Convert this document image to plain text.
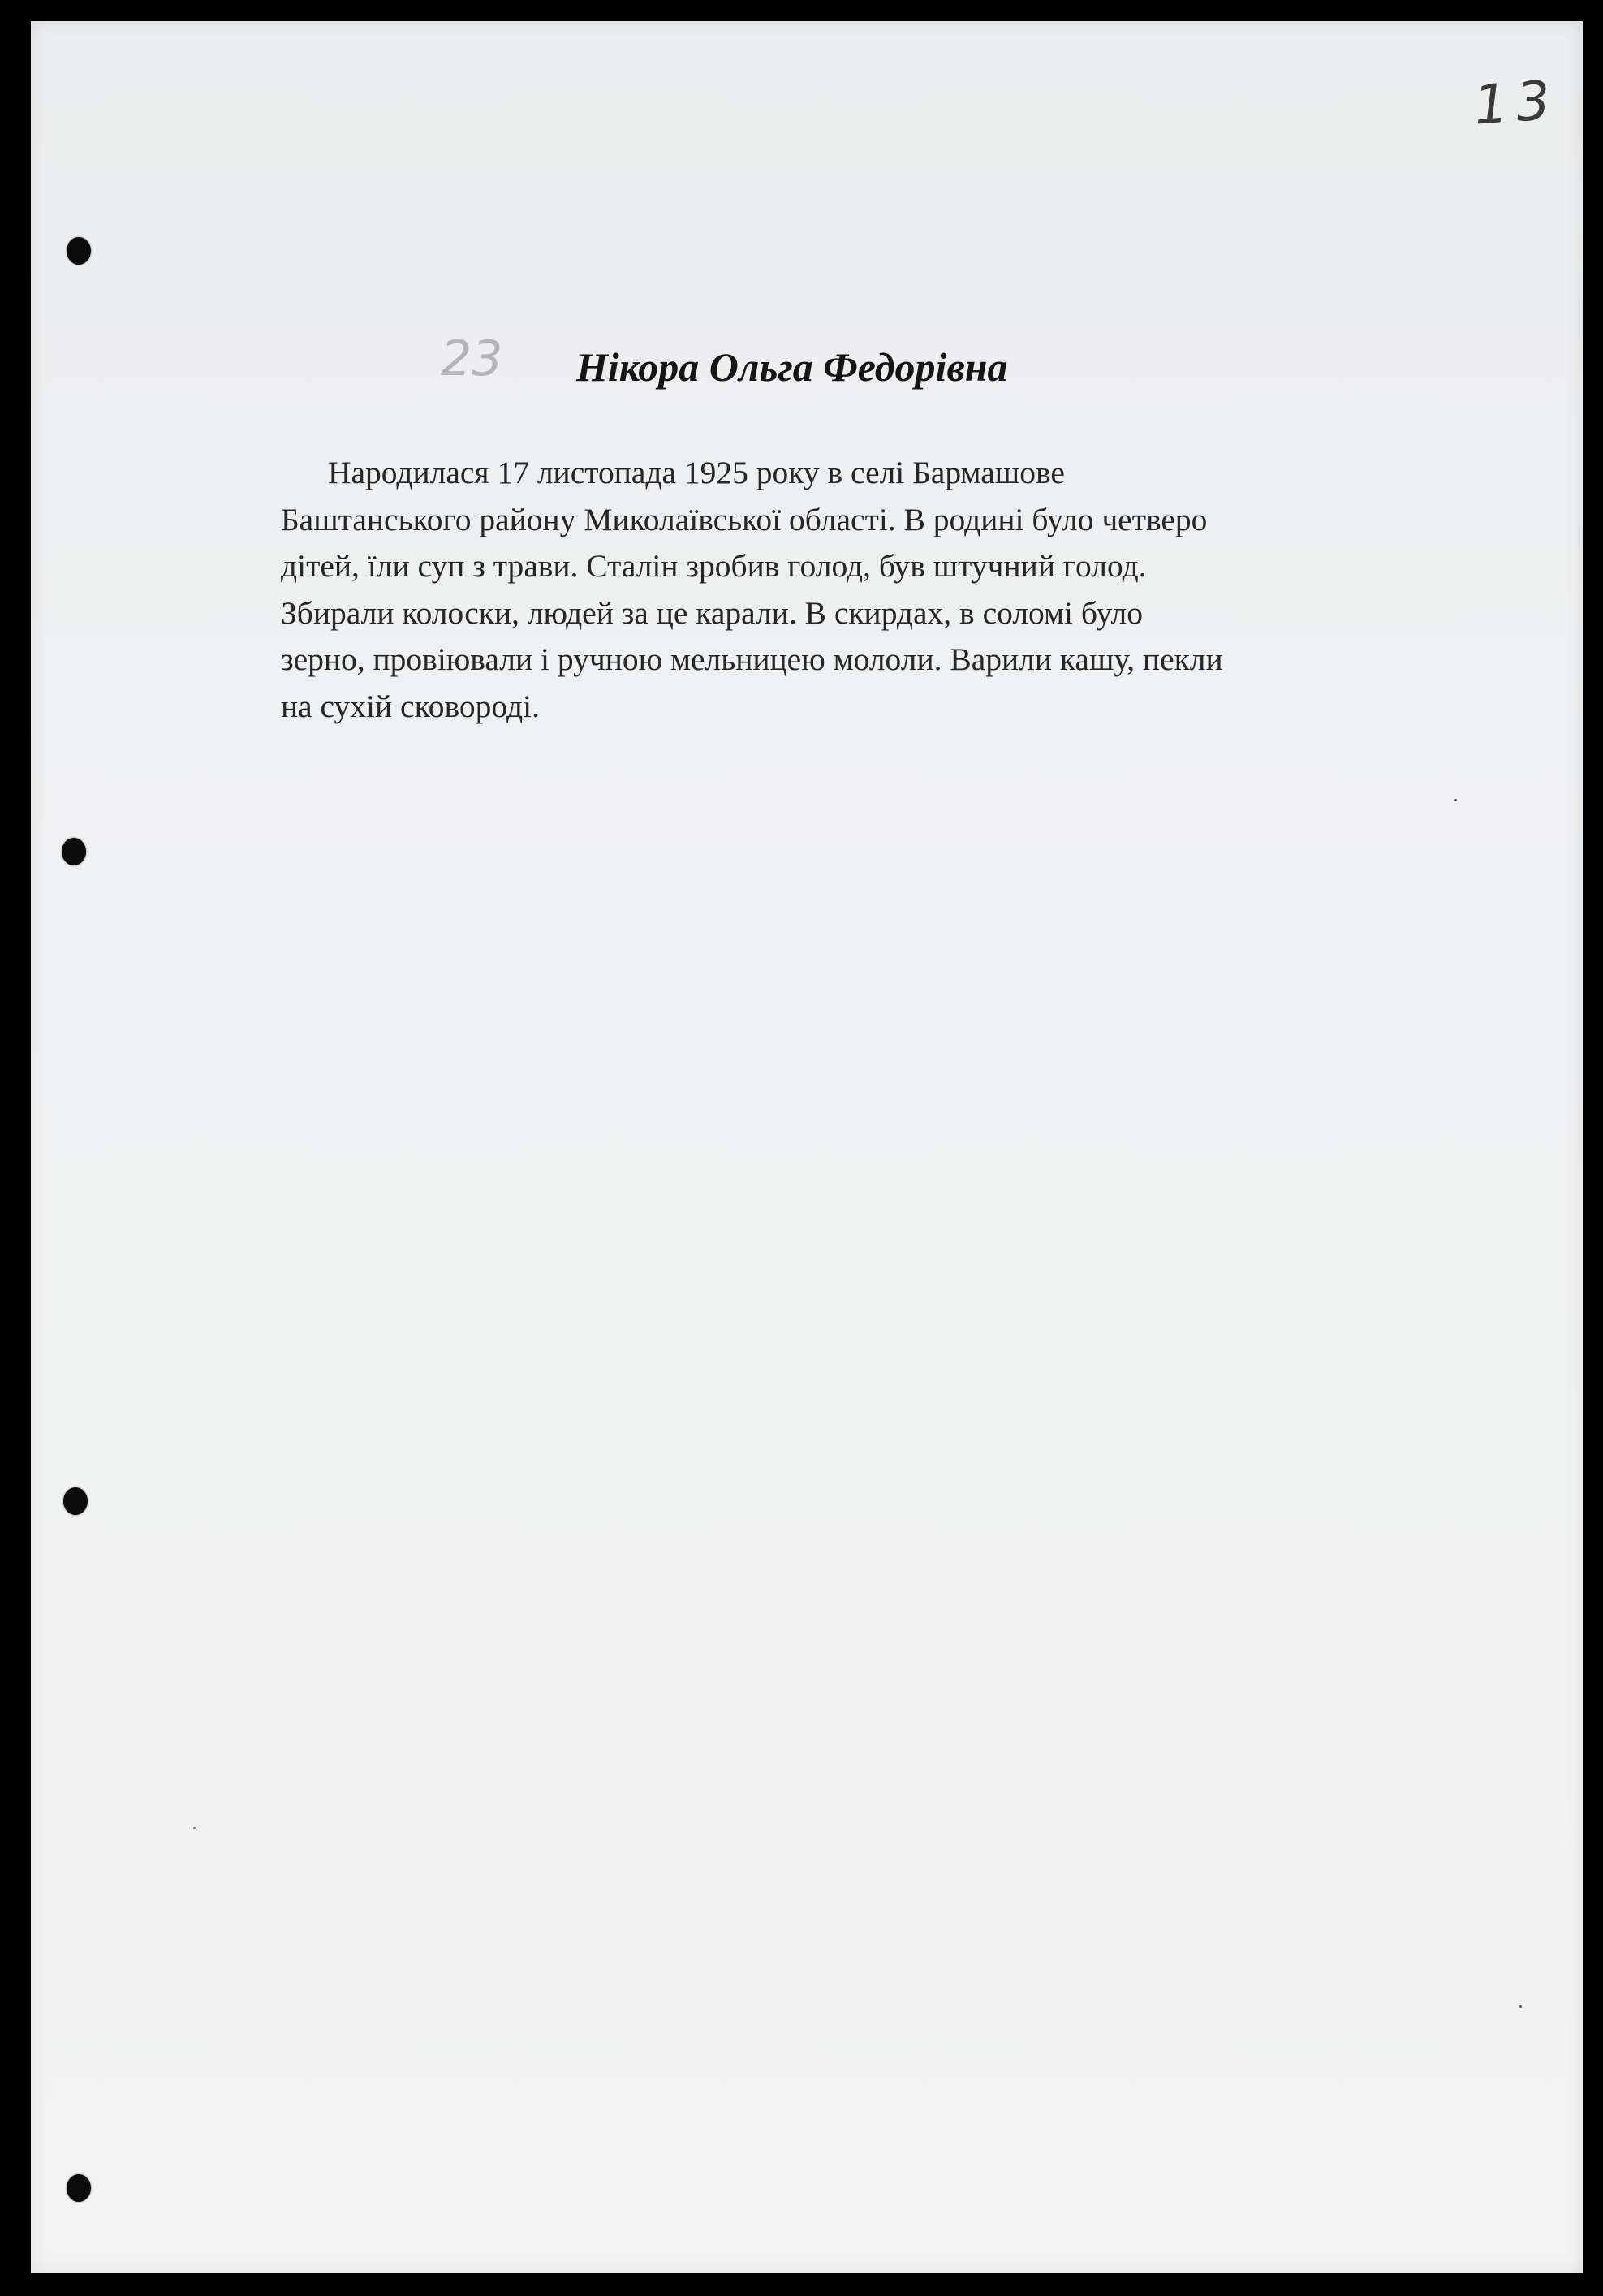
13
23 Нікора Ольга Федорівна

Народилася 17 листопада 1925 року в селі Бармашове
Баштанського району Миколаївської області. В родині було четверо
дітей, їли суп з трави. Сталін зробив голод, був штучний голод.
Збирали колоски, людей за це карали. В скирдах, в соломі було
зерно, провіювали і ручною мельницею мололи. Варили кашу, пекли
на сухій сковороді.
